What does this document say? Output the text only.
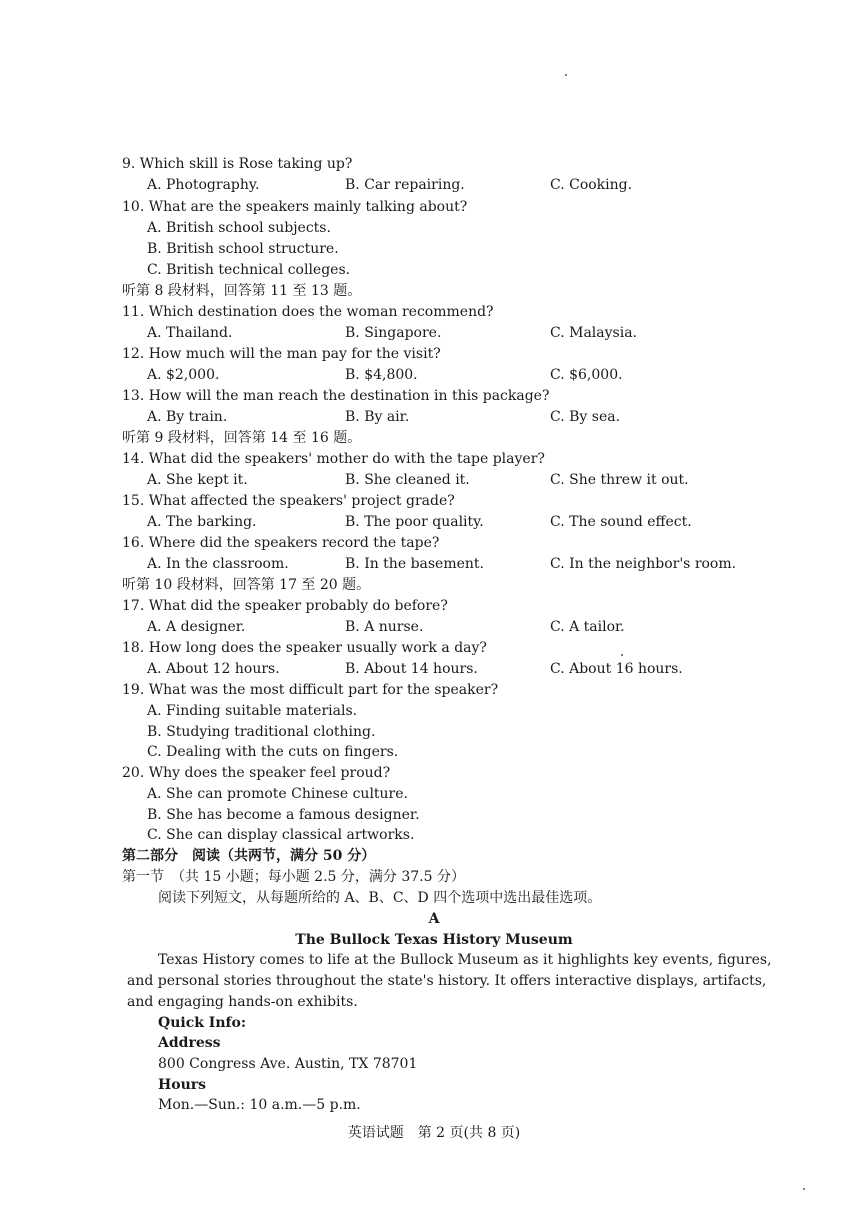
9. Which skill is Rose taking up?
A. Photography.	B. Car repairing.	C. Cooking.
10. What are the speakers mainly talking about?
A. British school subjects.
B. British school structure.
C. British technical colleges.
听第 8 段材料，回答第 11 至 13 题。
11. Which destination does the woman recommend?
A. Thailand.	B. Singapore.	C. Malaysia.
12. How much will the man pay for the visit?
A. $2,000.	B. $4,800.	C. $6,000.
13. How will the man reach the destination in this package?
A. By train.	B. By air.	C. By sea.
听第 9 段材料，回答第 14 至 16 题。
14. What did the speakers' mother do with the tape player?
A. She kept it.	B. She cleaned it.	C. She threw it out.
15. What affected the speakers' project grade?
A. The barking.	B. The poor quality.	C. The sound effect.
16. Where did the speakers record the tape?
A. In the classroom.	B. In the basement.	C. In the neighbor's room.
听第 10 段材料，回答第 17 至 20 题。
17. What did the speaker probably do before?
A. A designer.	B. A nurse.	C. A tailor.
18. How long does the speaker usually work a day?
A. About 12 hours.	B. About 14 hours.	C. About 16 hours.
19. What was the most difficult part for the speaker?
A. Finding suitable materials.
B. Studying traditional clothing.
C. Dealing with the cuts on fingers.
20. Why does the speaker feel proud?
A. She can promote Chinese culture.
B. She has become a famous designer.
C. She can display classical artworks.
第二部分　阅读（共两节，满分 50 分）
第一节　（共 15 小题；每小题 2.5 分，满分 37.5 分）
阅读下列短文，从每题所给的 A、B、C、D 四个选项中选出最佳选项。
A
The Bullock Texas History Museum
Texas History comes to life at the Bullock Museum as it highlights key events, figures,
and personal stories throughout the state's history. It offers interactive displays, artifacts,
and engaging hands-on exhibits.
Quick Info:
Address
800 Congress Ave. Austin, TX 78701
Hours
Mon.—Sun.: 10 a.m.—5 p.m.
英语试题　第 2 页(共 8 页)
